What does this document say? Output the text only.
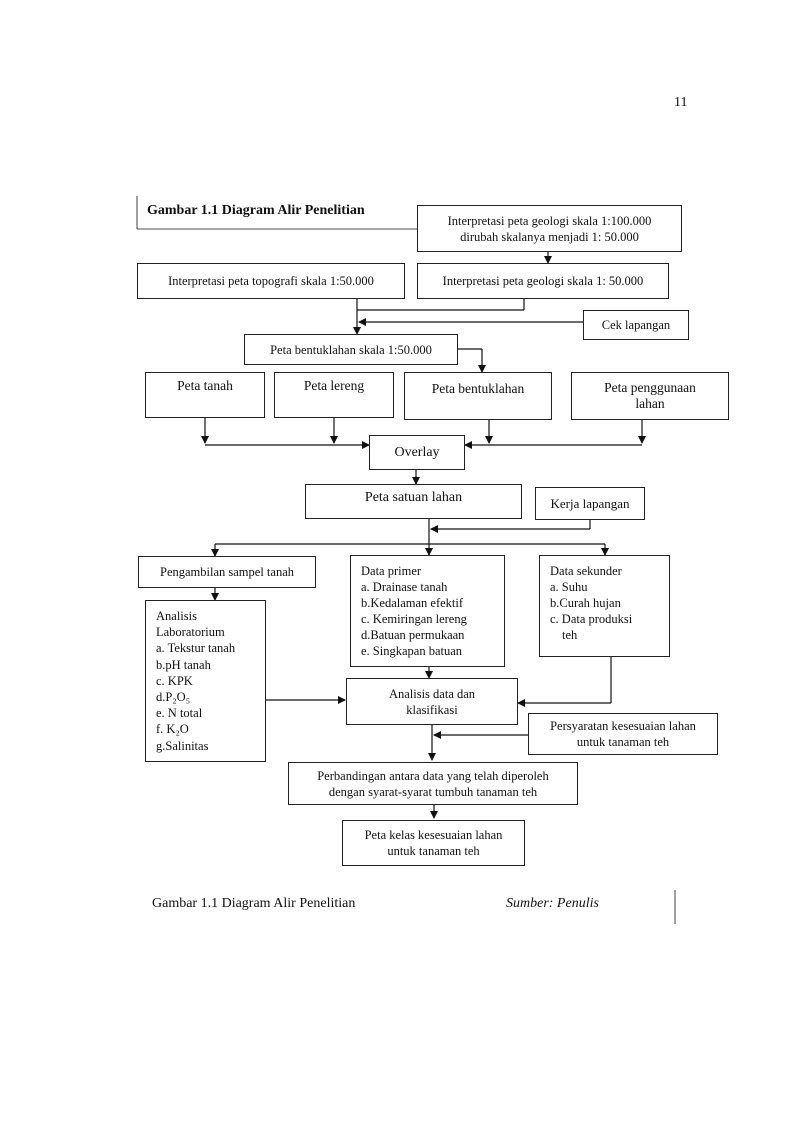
11
Gambar 1.1 Diagram Alir Penelitian
Interpretasi peta geologi skala 1:100.000
dirubah skalanya menjadi 1: 50.000
Interpretasi peta topografi skala 1:50.000	Interpretasi peta geologi skala 1: 50.000
Cek lapangan
Peta bentuklahan skala 1:50.000
Peta tanah	Peta lereng	Peta bentuklahan	Peta penggunaan
lahan
Overlay
Peta satuan lahan	Kerja lapangan
Pengambilan sampel tanah
Analisis
Laboratorium
a. Tekstur tanah
b.pH tanah
c. KPK
d.P₂O₅
e. N total
f. K₂O
g.Salinitas
Data primer
a. Drainase tanah
b.Kedalaman efektif
c. Kemiringan lereng
d.Batuan permukaan
e. Singkapan batuan
Data sekunder
a. Suhu
b.Curah hujan
c. Data produksi
teh
Analisis data dan
klasifikasi
Persyaratan kesesuaian lahan
untuk tanaman teh
Perbandingan antara data yang telah diperoleh
dengan syarat-syarat tumbuh tanaman teh
Peta kelas kesesuaian lahan
untuk tanaman teh
Gambar 1.1 Diagram Alir Penelitian	Sumber: Penulis
